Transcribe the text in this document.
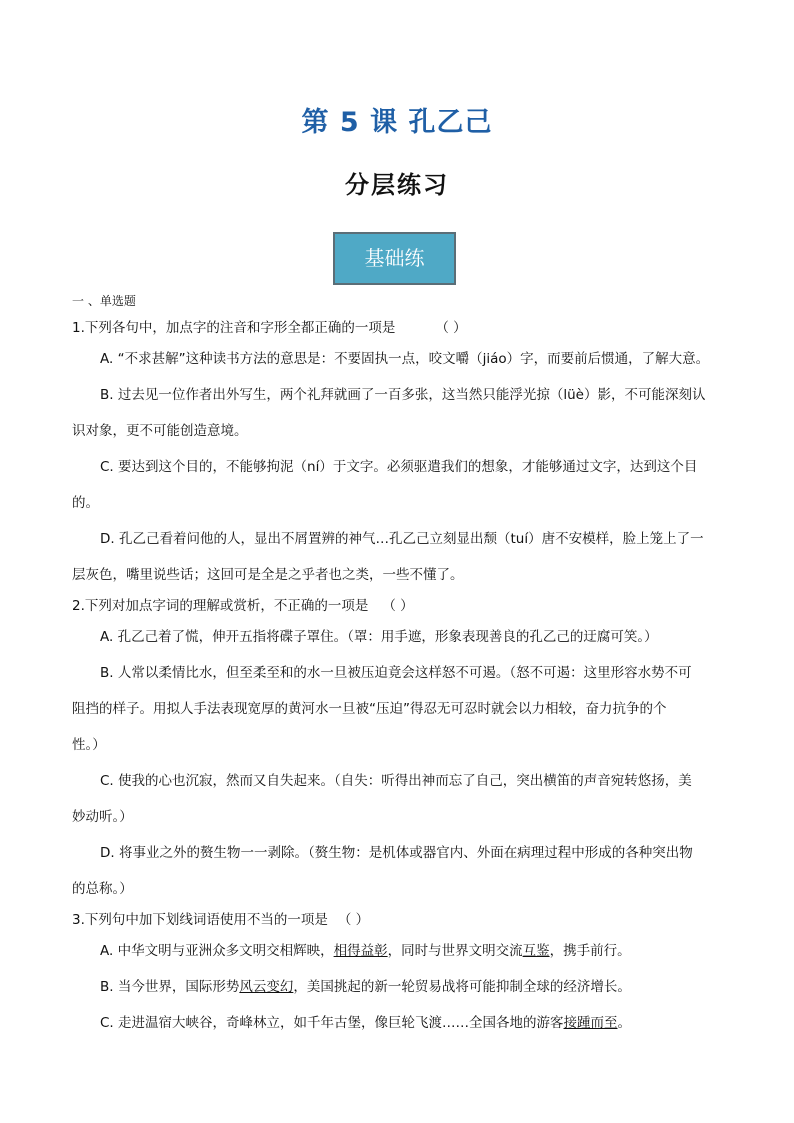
第 5 课 孔乙己
分层练习
基础练
一 、单选题

1.下列各句中，加点字的注音和字形全都正确的一项是	（ ）

A. “不求甚解”这种读书方法的意思是：不要固执一点，咬文嚼（jiáo）字，而要前后惯通，了解大意。

B. 过去见一位作者出外写生，两个礼拜就画了一百多张，这当然只能浮光掠（lüè）影，不可能深刻认

识对象，更不可能创造意境。

C. 要达到这个目的，不能够拘泥（ní）于文字。必须驱遣我们的想象，才能够通过文字，达到这个目

的。

D. 孔乙己看着问他的人，显出不屑置辨的神气…孔乙己立刻显出颓（tuí）唐不安模样，脸上笼上了一

层灰色，嘴里说些话；这回可是全是之乎者也之类，一些不懂了。

2.下列对加点字词的理解或赏析，不正确的一项是 （ ）

A. 孔乙己着了慌，伸开五指将碟子罩住。（罩：用手遮，形象表现善良的孔乙己的迂腐可笑。）

B. 人常以柔情比水，但至柔至和的水一旦被压迫竟会这样怒不可遏。（怒不可遏：这里形容水势不可

阻挡的样子。用拟人手法表现宽厚的黄河水一旦被“压迫”得忍无可忍时就会以力相较，奋力抗争的个

性。）

C. 使我的心也沉寂，然而又自失起来。（自失：听得出神而忘了自己，突出横笛的声音宛转悠扬，美

妙动听。）

D. 将事业之外的赘生物一一剥除。（赘生物：是机体或器官内、外面在病理过程中形成的各种突出物

的总称。）

3.下列句中加下划线词语使用不当的一项是 （ ）

A. 中华文明与亚洲众多文明交相辉映，相得益彰，同时与世界文明交流互鉴，携手前行。

B. 当今世界，国际形势风云变幻，美国挑起的新一轮贸易战将可能抑制全球的经济增长。

C. 走进温宿大峡谷，奇峰林立，如千年古堡，像巨轮飞渡……全国各地的游客接踵而至。
